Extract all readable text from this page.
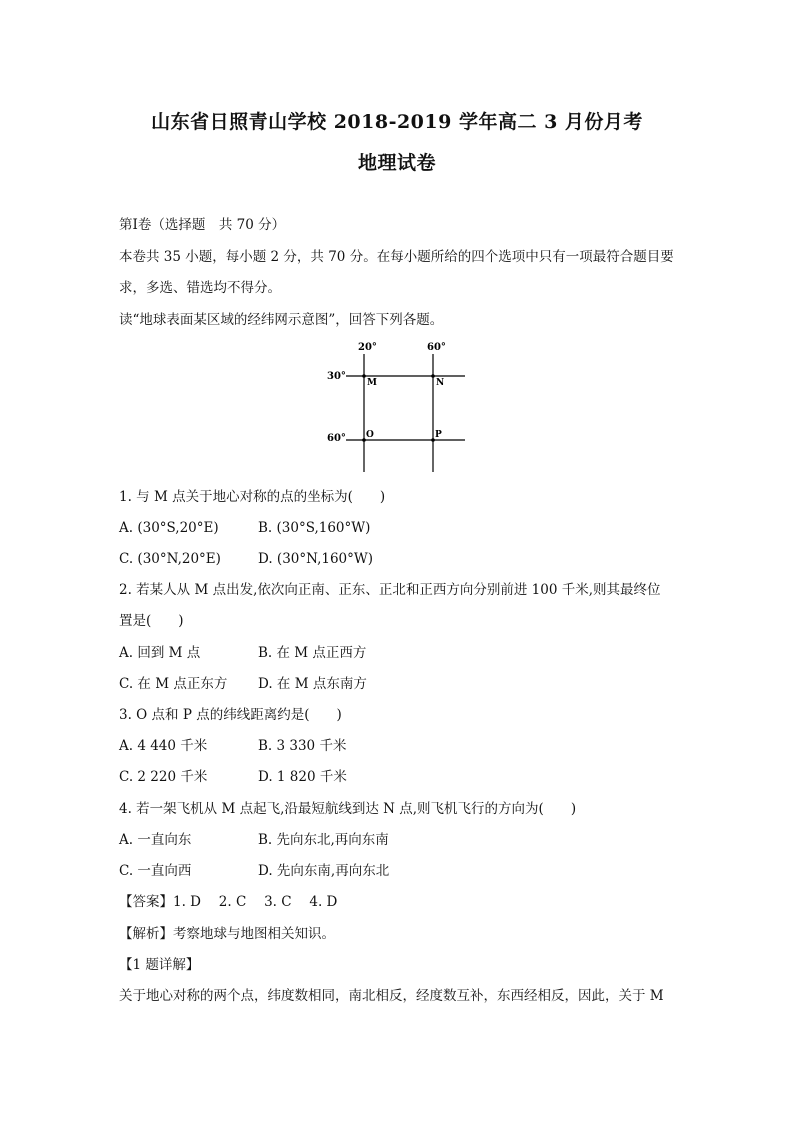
山东省日照青山学校 2018-2019 学年高二 3 月份月考
地理试卷
第Ⅰ卷（选择题　共 70 分）
本卷共 35 小题，每小题 2 分，共 70 分。在每小题所给的四个选项中只有一项最符合题目要
求，多选、错选均不得分。
读“地球表面某区域的经纬网示意图”，回答下列各题。
20°	60°
30°
60°
M	N
O	P
1. 与 M 点关于地心对称的点的坐标为(　　)
A. (30°S,20°E)	B. (30°S,160°W)
C. (30°N,20°E)	D. (30°N,160°W)
2. 若某人从 M 点出发,依次向正南、正东、正北和正西方向分别前进 100 千米,则其最终位
置是(　　)
A. 回到 M 点	B. 在 M 点正西方
C. 在 M 点正东方 D. 在 M 点东南方
3. O 点和 P 点的纬线距离约是(　　)
A. 4 440 千米	B. 3 330 千米
C. 2 220 千米	D. 1 820 千米
4. 若一架飞机从 M 点起飞,沿最短航线到达 N 点,则飞机飞行的方向为(　　)
A. 一直向东	B. 先向东北,再向东南
C. 一直向西	D. 先向东南,再向东北
【答案】1. D　 2. C　 3. C　 4. D
【解析】考察地球与地图相关知识。
【1 题详解】
关于地心对称的两个点，纬度数相同，南北相反，经度数互补，东西经相反，因此，关于 M
